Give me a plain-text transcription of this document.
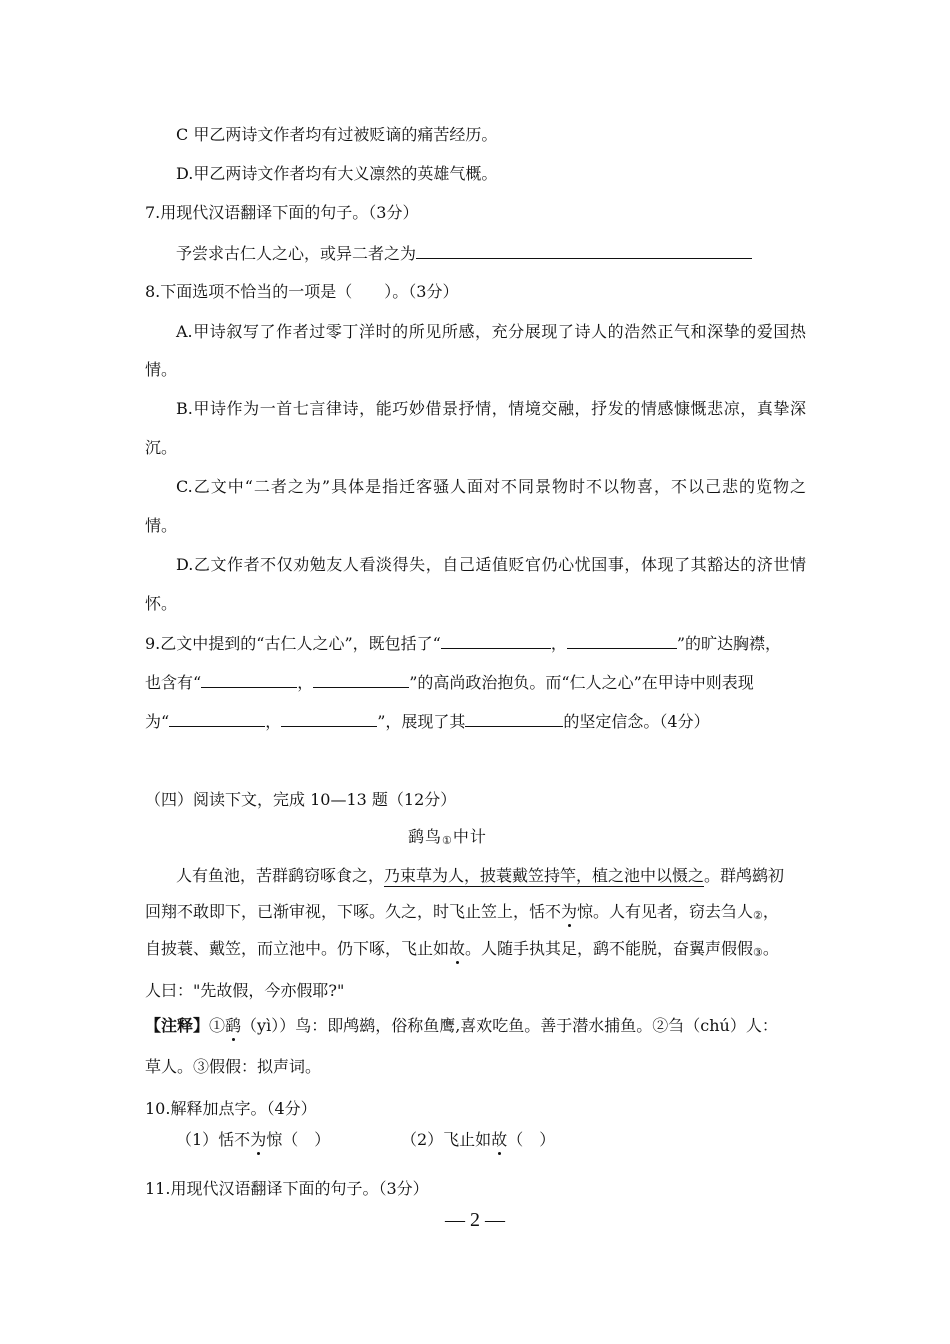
C 甲乙两诗文作者均有过被贬谪的痛苦经历。
D.甲乙两诗文作者均有大义凛然的英雄气概。
7.用现代汉语翻译下面的句子。（3分）
予尝求古仁人之心，或异二者之为
8.下面选项不恰当的一项是（　　）。（3分）
A.甲诗叙写了作者过零丁洋时的所见所感，充分展现了诗人的浩然正气和深挚的爱国热
情。
B.甲诗作为一首七言律诗，能巧妙借景抒情，情境交融，抒发的情感慷慨悲凉，真挚深
沉。
C.乙文中“二者之为”具体是指迁客骚人面对不同景物时不以物喜，不以己悲的览物之
情。
D.乙文作者不仅劝勉友人看淡得失，自己适值贬官仍心忧国事，体现了其豁达的济世情
怀。
9.乙文中提到的“古仁人之心”，既包括了“	，	”的旷达胸襟，
也含有“	，	”的高尚政治抱负。而“仁人之心”在甲诗中则表现
为“	，	”，展现了其	的坚定信念。（4分）
（四）阅读下文，完成 10—13 题（12分）
鹞鸟①中计
人有鱼池，苦群鹞窃啄食之，乃束草为人，披蓑戴笠持竿，植之池中以慑之。群鸬鹚初
回翔不敢即下，已渐审视，下啄。久之，时飞止笠上，恬不为惊。人有见者，窃去刍人②，
自披蓑、戴笠，而立池中。仍下啄，飞止如故。人随手执其足，鹞不能脱，奋翼声假假③。
人曰："先故假，今亦假耶?"
【注释】①鹞（yì））鸟：即鸬鹚，俗称鱼鹰,喜欢吃鱼。善于潜水捕鱼。②刍（chú）人：
草人。③假假：拟声词。
10.解释加点字。（4分）
（1）恬不为惊（　）	（2）飞止如故（　）
11.用现代汉语翻译下面的句子。（3分）
— 2 —
